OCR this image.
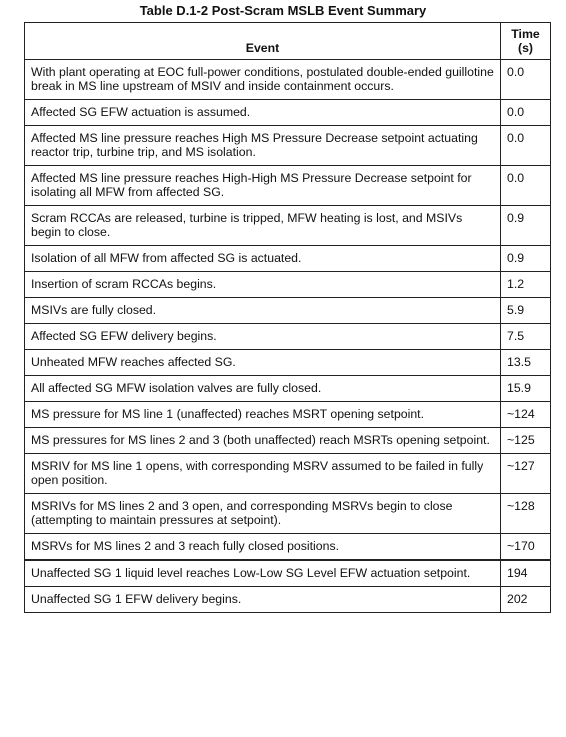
Table D.1-2 Post-Scram MSLB Event Summary
Event	Time
(s)

With plant operating at EOC full-power conditions, postulated double-ended guillotine break in MS line upstream of MSIV and inside containment occurs.	0.0
Affected SG EFW actuation is assumed.	0.0
Affected MS line pressure reaches High MS Pressure Decrease setpoint actuating reactor trip, turbine trip, and MS isolation.	0.0
Affected MS line pressure reaches High-High MS Pressure Decrease setpoint for isolating all MFW from affected SG.	0.0
Scram RCCAs are released, turbine is tripped, MFW heating is lost, and MSIVs begin to close.	0.9
Isolation of all MFW from affected SG is actuated.	0.9
Insertion of scram RCCAs begins.	1.2
MSIVs are fully closed.	5.9
Affected SG EFW delivery begins.	7.5
Unheated MFW reaches affected SG.	13.5
All affected SG MFW isolation valves are fully closed.	15.9
MS pressure for MS line 1 (unaffected) reaches MSRT opening setpoint.	~124
MS pressures for MS lines 2 and 3 (both unaffected) reach MSRTs opening setpoint.	~125
MSRIV for MS line 1 opens, with corresponding MSRV assumed to be failed in fully open position.	~127
MSRIVs for MS lines 2 and 3 open, and corresponding MSRVs begin to close (attempting to maintain pressures at setpoint).	~128
MSRVs for MS lines 2 and 3 reach fully closed positions.	~170
Unaffected SG 1 liquid level reaches Low-Low SG Level EFW actuation setpoint.	194
Unaffected SG 1 EFW delivery begins.	202
